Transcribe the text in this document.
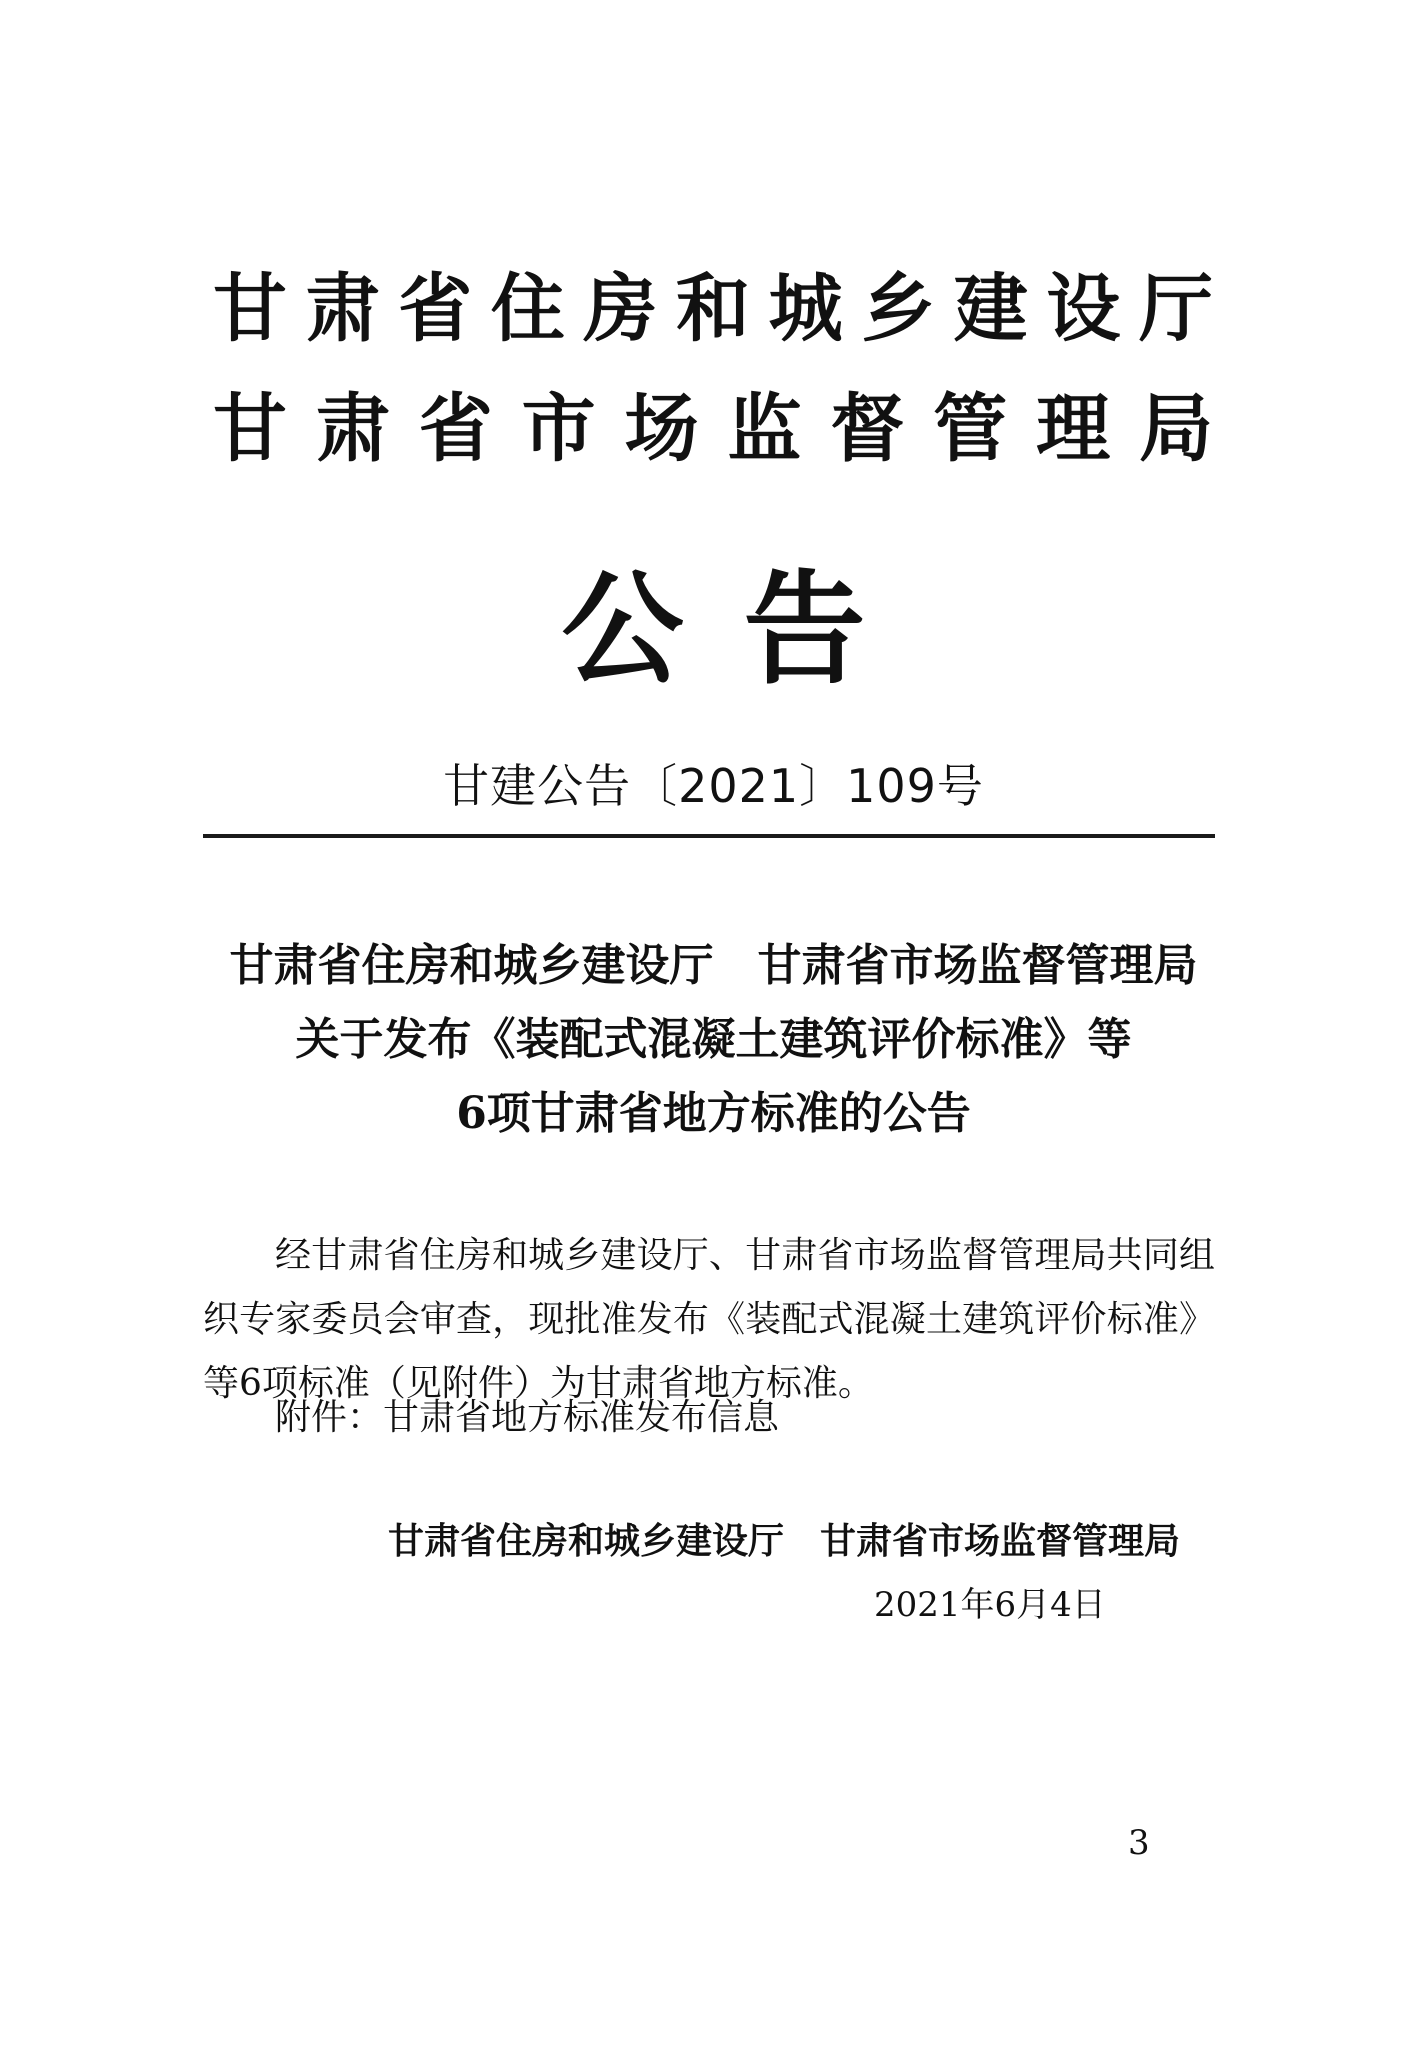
甘肃省住房和城乡建设厅
甘肃省市场监督管理局
公告
甘建公告〔2021〕109号
甘肃省住房和城乡建设厅　甘肃省市场监督管理局
关于发布《装配式混凝土建筑评价标准》等
6项甘肃省地方标准的公告

经甘肃省住房和城乡建设厅、甘肃省市场监督管理局共同组织专家委员会审查，现批准发布《装配式混凝土建筑评价标准》等6项标准（见附件）为甘肃省地方标准。

附件：甘肃省地方标准发布信息
甘肃省住房和城乡建设厅　甘肃省市场监督管理局
2021年6月4日
3
